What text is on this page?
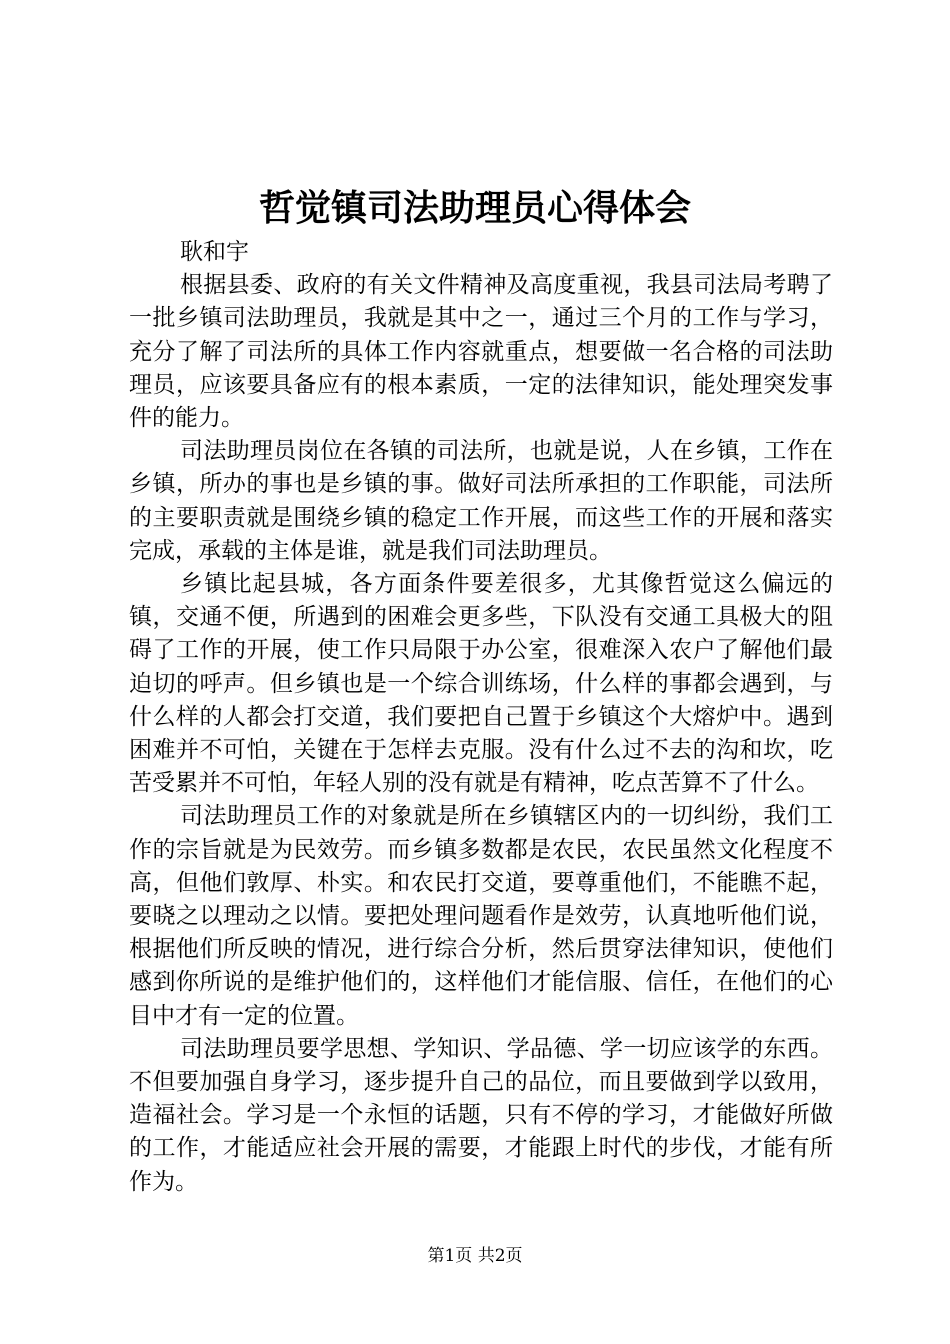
哲觉镇司法助理员心得体会

耿和宇

根据县委、政府的有关文件精神及高度重视，我县司法局考聘了一批乡镇司法助理员，我就是其中之一，通过三个月的工作与学习，充分了解了司法所的具体工作内容就重点，想要做一名合格的司法助理员，应该要具备应有的根本素质，一定的法律知识，能处理突发事件的能力。

司法助理员岗位在各镇的司法所，也就是说，人在乡镇，工作在乡镇，所办的事也是乡镇的事。做好司法所承担的工作职能，司法所的主要职责就是围绕乡镇的稳定工作开展，而这些工作的开展和落实完成，承载的主体是谁，就是我们司法助理员。

乡镇比起县城，各方面条件要差很多，尤其像哲觉这么偏远的镇，交通不便，所遇到的困难会更多些，下队没有交通工具极大的阻碍了工作的开展，使工作只局限于办公室，很难深入农户了解他们最迫切的呼声。但乡镇也是一个综合训练场，什么样的事都会遇到，与什么样的人都会打交道，我们要把自己置于乡镇这个大熔炉中。遇到困难并不可怕，关键在于怎样去克服。没有什么过不去的沟和坎，吃苦受累并不可怕，年轻人别的没有就是有精神，吃点苦算不了什么。

司法助理员工作的对象就是所在乡镇辖区内的一切纠纷，我们工作的宗旨就是为民效劳。而乡镇多数都是农民，农民虽然文化程度不高，但他们敦厚、朴实。和农民打交道，要尊重他们，不能瞧不起，要晓之以理动之以情。要把处理问题看作是效劳，认真地听他们说，根据他们所反映的情况，进行综合分析，然后贯穿法律知识，使他们感到你所说的是维护他们的，这样他们才能信服、信任，在他们的心目中才有一定的位置。

司法助理员要学思想、学知识、学品德、学一切应该学的东西。不但要加强自身学习，逐步提升自己的品位，而且要做到学以致用，造福社会。学习是一个永恒的话题，只有不停的学习，才能做好所做的工作，才能适应社会开展的需要，才能跟上时代的步伐，才能有所作为。

第1页 共2页
